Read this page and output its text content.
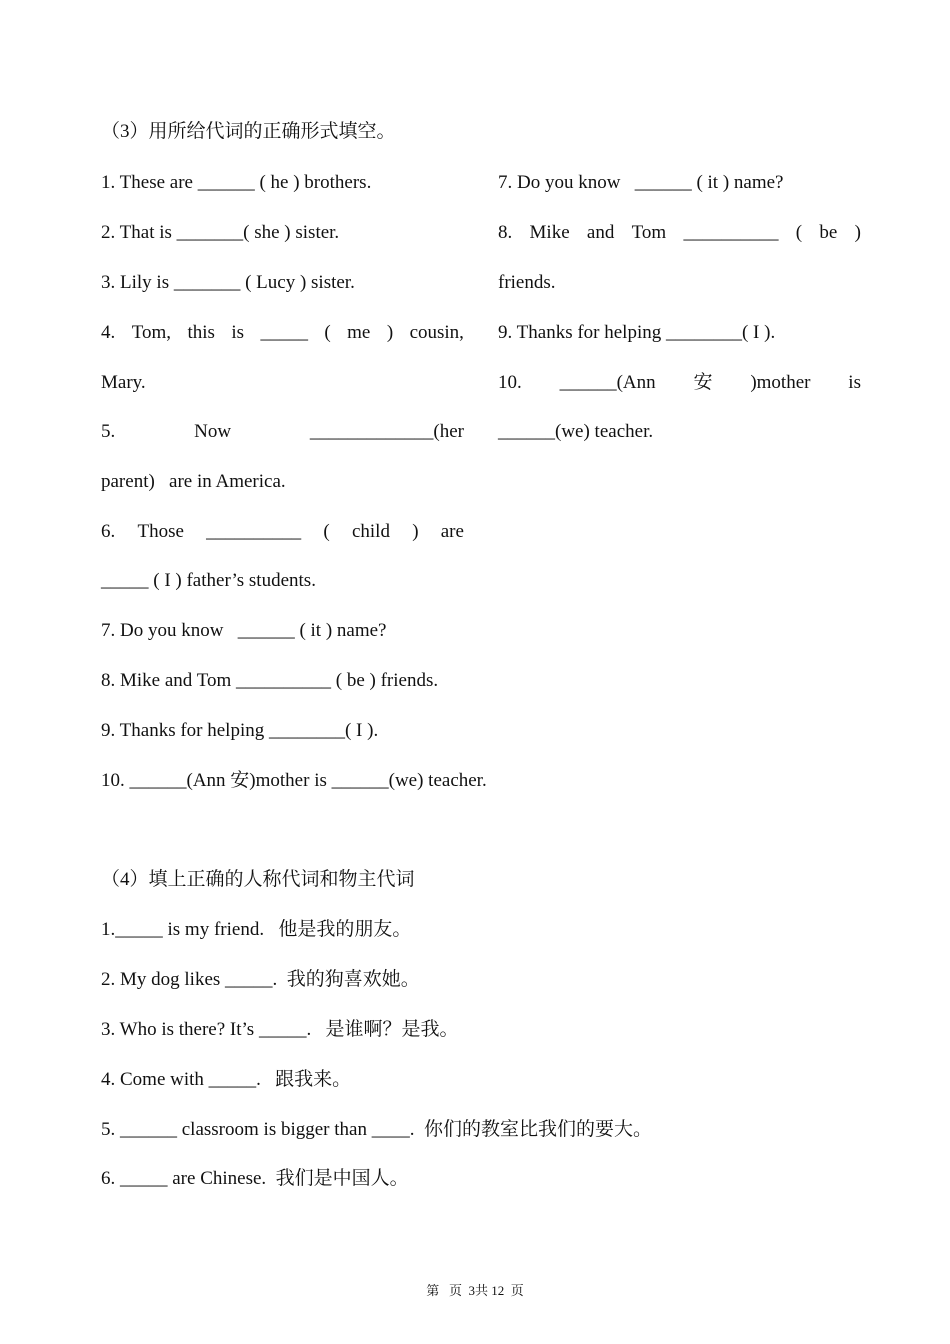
（3）用所给代词的正确形式填空。
1. These are ______ ( he ) brothers.
2. That is _______( she ) sister.
3. Lily is _______ ( Lucy ) sister.
4. Tom, this is _____ ( me ) cousin,
Mary.
5.	Now	_____________(her
parent)   are in America.
6. Those __________ ( child ) are
_____ ( I ) father’s students.
7. Do you know   ______ ( it ) name?
8. Mike and Tom __________ ( be )
friends.
9. Thanks for helping ________( I ).
10. ______(Ann 安 )mother is
______(we) teacher.
7. Do you know   ______ ( it ) name?
8. Mike and Tom __________ ( be ) friends.
9. Thanks for helping ________( I ).
10. ______(Ann 安)mother is ______(we) teacher.
（4）填上正确的人称代词和物主代词
1._____ is my friend.   他是我的朋友。
2. My dog likes _____.  我的狗喜欢她。
3. Who is there? It’s _____.   是谁啊？是我。
4. Come with _____.   跟我来。
5. ______ classroom is bigger than ____.  你们的教室比我们的要大。
6. _____ are Chinese.  我们是中国人。
第   页  3共 12  页
